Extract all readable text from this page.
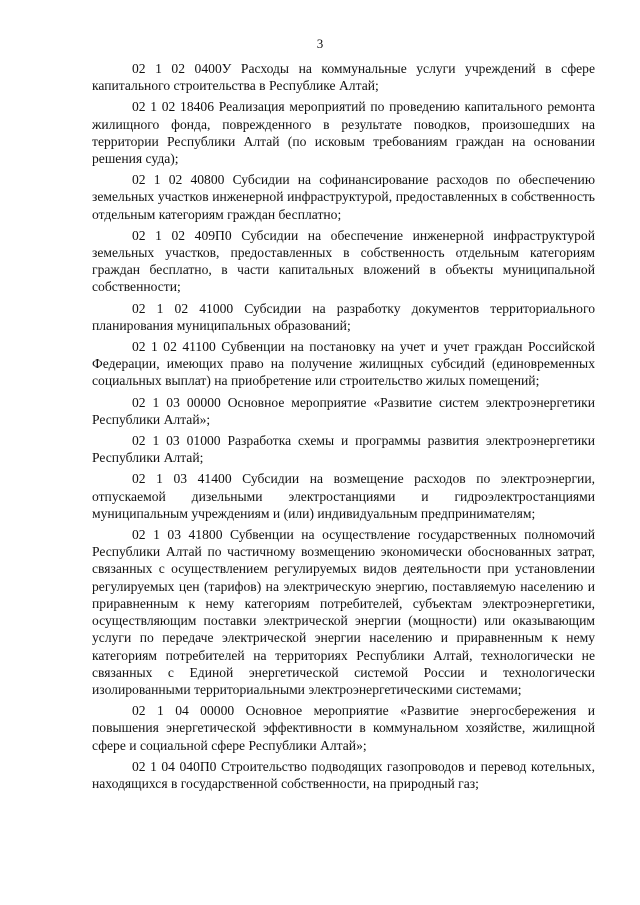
3

02 1 02 0400У Расходы на коммунальные услуги учреждений в сфере капитального строительства в Республике Алтай;

02 1 02 18406 Реализация мероприятий по проведению капитального ремонта жилищного фонда, поврежденного в результате поводков, произошедших на территории Республики Алтай (по исковым требованиям граждан на основании решения суда);

02 1 02 40800 Субсидии на софинансирование расходов по обеспечению земельных участков инженерной инфраструктурой, предоставленных в собственность отдельным категориям граждан бесплатно;

02 1 02 409П0 Субсидии на обеспечение инженерной инфраструктурой земельных участков, предоставленных в собственность отдельным категориям граждан бесплатно, в части капитальных вложений в объекты муниципальной собственности;

02 1 02 41000 Субсидии на разработку документов территориального планирования муниципальных образований;

02 1 02 41100 Субвенции на постановку на учет и учет граждан Российской Федерации, имеющих право на получение жилищных субсидий (единовременных социальных выплат) на приобретение или строительство жилых помещений;

02 1 03 00000 Основное мероприятие «Развитие систем электроэнергетики Республики Алтай»;

02 1 03 01000 Разработка схемы и программы развития электроэнергетики Республики Алтай;

02 1 03 41400 Субсидии на возмещение расходов по электроэнергии, отпускаемой дизельными электростанциями и гидроэлектростанциями муниципальным учреждениям и (или) индивидуальным предпринимателям;

02 1 03 41800 Субвенции на осуществление государственных полномочий Республики Алтай по частичному возмещению экономически обоснованных затрат, связанных с осуществлением регулируемых видов деятельности при установлении регулируемых цен (тарифов) на электрическую энергию, поставляемую населению и приравненным к нему категориям потребителей, субъектам электроэнергетики, осуществляющим поставки электрической энергии (мощности) или оказывающим услуги по передаче электрической энергии населению и приравненным к нему категориям потребителей на территориях Республики Алтай, технологически не связанных с Единой энергетической системой России и технологически изолированными территориальными электроэнергетическими системами;

02 1 04 00000 Основное мероприятие «Развитие энергосбережения и повышения энергетической эффективности в коммунальном хозяйстве, жилищной сфере и социальной сфере Республики Алтай»;

02 1 04 040П0 Строительство подводящих газопроводов и перевод котельных, находящихся в государственной собственности, на природный газ;
